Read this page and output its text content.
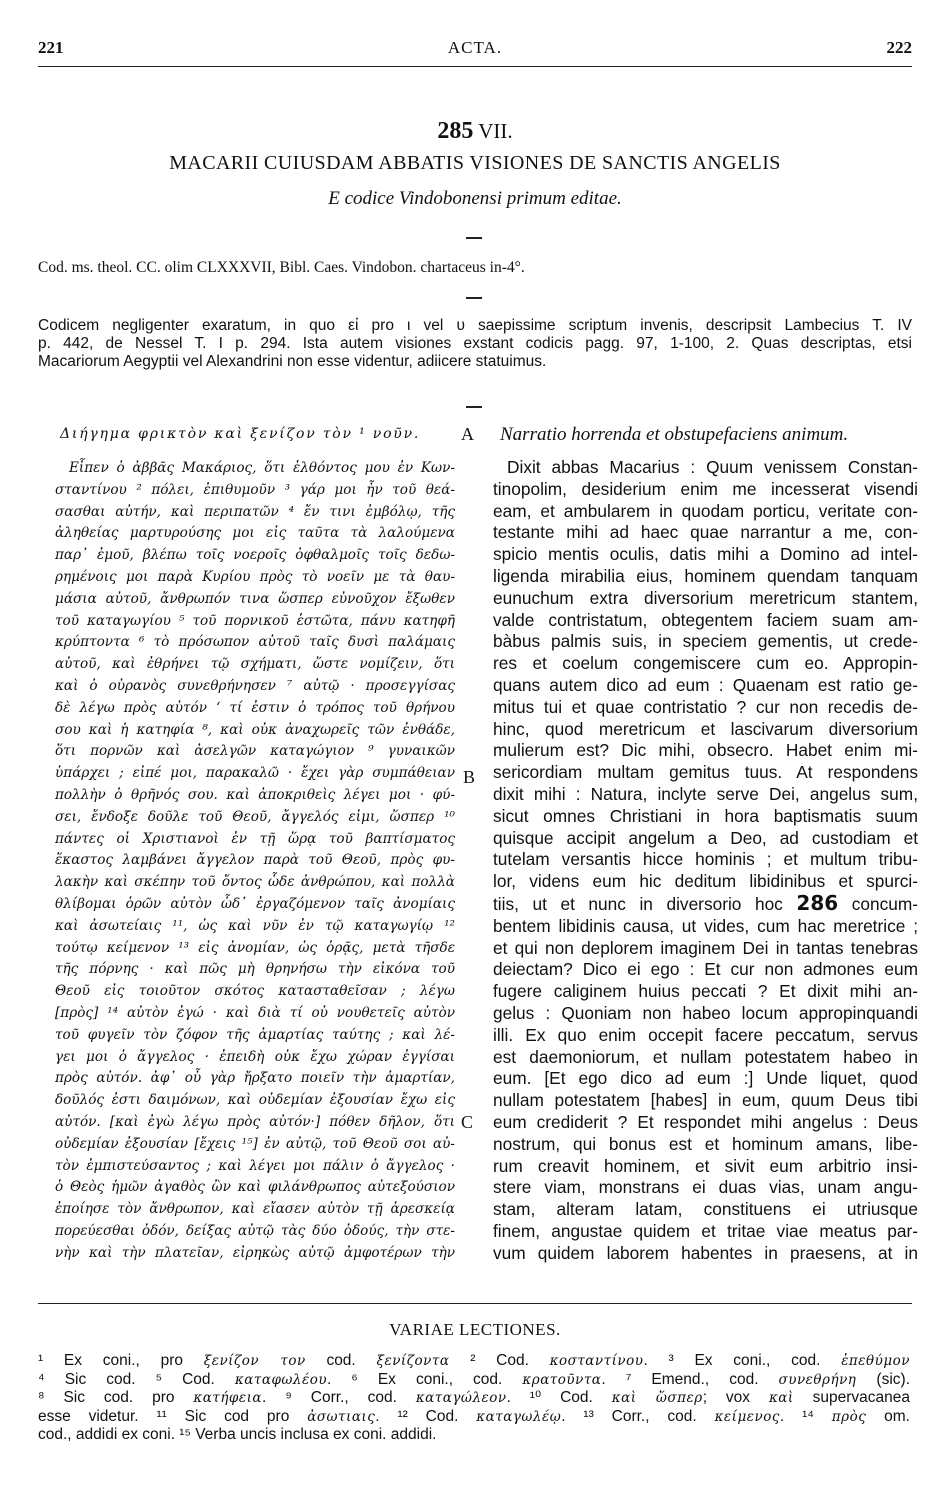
221	ACTA.	222
285 VII.
MACARII CUIUSDAM ABBATIS VISIONES DE SANCTIS ANGELIS
E codice Vindobonensi primum editae.
Cod. ms. theol. CC. olim CLXXXVII, Bibl. Caes. Vindobon. chartaceus in-4°.
Codicem negligenter exaratum, in quo εἰ pro ι vel υ saepissime scriptum invenis, descripsit Lambecius T. IV
p. 442, de Nessel T. I p. 294. Ista autem visiones exstant codicis pagg. 97, 1-100, 2. Quas descriptas, etsi
Macariorum Aegyptii vel Alexandrini non esse videntur, adiicere statuimus.
Διήγημα φρικτὸν καὶ ξενίζον τὸν ¹ νοῦν.	Narratio horrenda et obstupefaciens animum.
A
B
C
Εἶπεν ὁ ἀββᾶς Μακάριος, ὅτι ἐλθόντος μου ἐν Κων-
σταντίνου ² πόλει, ἐπιθυμοῦν ³ γάρ μοι ἦν τοῦ θεά-
σασθαι αὐτήν, καὶ περιπατῶν ⁴ ἔν τινι ἐμβόλῳ, τῆς
ἀληθείας μαρτυρούσης μοι εἰς ταῦτα τὰ λαλούμενα
παρ᾽ ἐμοῦ, βλέπω τοῖς νοεροῖς ὀφθαλμοῖς τοῖς δεδω-
ρημένοις μοι παρὰ Κυρίου πρὸς τὸ νοεῖν με τὰ θαυ-
μάσια αὐτοῦ, ἄνθρωπόν τινα ὥσπερ εὐνοῦχον ἔξωθεν
τοῦ καταγωγίου ⁵ τοῦ πορνικοῦ ἑστῶτα, πάνυ κατηφῆ
κρύπτοντα ⁶ τὸ πρόσωπον αὐτοῦ ταῖς δυσὶ παλάμαις
αὐτοῦ, καὶ ἐθρήνει τῷ σχήματι, ὥστε νομίζειν, ὅτι
καὶ ὁ οὐρανὸς συνεθρήνησεν ⁷ αὐτῷ · προσεγγίσας
δὲ λέγω πρὸς αὐτόν ‘ τί ἐστιν ὁ τρόπος τοῦ θρήνου
σου καὶ ἡ κατηφία ⁸, καὶ οὐκ ἀναχωρεῖς τῶν ἐνθάδε,
ὅτι πορνῶν καὶ ἀσελγῶν καταγώγιον ⁹ γυναικῶν
ὑπάρχει ; εἰπέ μοι, παρακαλῶ · ἔχει γὰρ συμπάθειαν
πολλὴν ὁ θρῆνός σου. καὶ ἀποκριθεὶς λέγει μοι · φύ-
σει, ἔνδοξε δοῦλε τοῦ Θεοῦ, ἄγγελός εἰμι, ὥσπερ ¹⁰
πάντες οἱ Χριστιανοὶ ἐν τῇ ὥρᾳ τοῦ βαπτίσματος
ἕκαστος λαμβάνει ἄγγελον παρὰ τοῦ Θεοῦ, πρὸς φυ-
λακὴν καὶ σκέπην τοῦ ὄντος ὧδε ἀνθρώπου, καὶ πολλὰ
θλίβομαι ὁρῶν αὐτὸν ὧδ᾽ ἐργαζόμενον ταῖς ἀνομίαις
καὶ ἀσωτείαις ¹¹, ὡς καὶ νῦν ἐν τῷ καταγωγίῳ ¹²
τούτῳ κείμενον ¹³ εἰς ἀνομίαν, ὡς ὁρᾷς, μετὰ τῆσδε
τῆς πόρνης · καὶ πῶς μὴ θρηνήσω τὴν εἰκόνα τοῦ
Θεοῦ εἰς τοιοῦτον σκότος κατασταθεῖσαν ; λέγω
[πρὸς] ¹⁴ αὐτὸν ἐγώ · καὶ διὰ τί οὐ νουθετεῖς αὐτὸν
τοῦ φυγεῖν τὸν ζόφον τῆς ἁμαρτίας ταύτης ; καὶ λέ-
γει μοι ὁ ἄγγελος · ἐπειδὴ οὐκ ἔχω χώραν ἐγγίσαι
πρὸς αὐτόν. ἀφ᾽ οὗ γὰρ ἤρξατο ποιεῖν τὴν ἁμαρτίαν,
δοῦλός ἐστι δαιμόνων, καὶ οὐδεμίαν ἐξουσίαν ἔχω εἰς
αὐτόν. [καὶ ἐγὼ λέγω πρὸς αὐτόν·] πόθεν δῆλον, ὅτι
οὐδεμίαν ἐξουσίαν [ἔχεις ¹⁵] ἐν αὐτῷ, τοῦ Θεοῦ σοι αὐ-
τὸν ἐμπιστεύσαντος ; καὶ λέγει μοι πάλιν ὁ ἄγγελος ·
ὁ Θεὸς ἡμῶν ἀγαθὸς ὢν καὶ φιλάνθρωπος αὐτεξούσιον
ἐποίησε τὸν ἄνθρωπον, καὶ εἴασεν αὐτὸν τῇ ἀρεσκείᾳ
πορεύεσθαι ὁδόν, δείξας αὐτῷ τὰς δύο ὁδούς, τὴν στε-
νὴν καὶ τὴν πλατεῖαν, εἰρηκὼς αὐτῷ ἀμφοτέρων τὴν
Dixit abbas Macarius : Quum venissem Constan-
tinopolim, desiderium enim me incesserat visendi
eam, et ambularem in quodam porticu, veritate con-
testante mihi ad haec quae narrantur a me, con-
spicio mentis oculis, datis mihi a Domino ad intel-
ligenda mirabilia eius, hominem quendam tanquam
eunuchum extra diversorium meretricum stantem,
valde contristatum, obtegentem faciem suam am-
bàbus palmis suis, in speciem gementis, ut crede-
res et coelum congemiscere cum eo. Appropin-
quans autem dico ad eum : Quaenam est ratio ge-
mitus tui et quae contristatio ? cur non recedis de-
hinc, quod meretricum et lascivarum diversorium
mulierum est? Dic mihi, obsecro. Habet enim mi-
sericordiam multam gemitus tuus. At respondens
dixit mihi : Natura, inclyte serve Dei, angelus sum,
sicut omnes Christiani in hora baptismatis suum
quisque accipit angelum a Deo, ad custodiam et
tutelam versantis hicce hominis ; et multum tribu-
lor, videns eum hic deditum libidinibus et spurci-
tiis, ut et nunc in diversorio hoc 286 concum-
bentem libidinis causa, ut vides, cum hac meretrice ;
et qui non deplorem imaginem Dei in tantas tenebras
deiectam? Dico ei ego : Et cur non admones eum
fugere caliginem huius peccati ? Et dixit mihi an-
gelus : Quoniam non habeo locum appropinquandi
illi. Ex quo enim occepit facere peccatum, servus
est daemoniorum, et nullam potestatem habeo in
eum. [Et ego dico ad eum :] Unde liquet, quod
nullam potestatem [habes] in eum, quum Deus tibi
eum crediderit ? Et respondet mihi angelus : Deus
nostrum, qui bonus est et hominum amans, libe-
rum creavit hominem, et sivit eum arbitrio insi-
stere viam, monstrans ei duas vias, unam angu-
stam, alteram latam, constituens ei utriusque
finem, angustae quidem et tritae viae meatus par-
vum quidem laborem habentes in praesens, at in
VARIAE LECTIONES.
¹ Ex coni., pro ξενίζον τον cod. ξενίζοντα ² Cod. κοσταντίνου. ³ Ex coni., cod. ἐπεθύμον
⁴ Sic cod. ⁵ Cod. καταφωλέου. ⁶ Ex coni., cod. κρατοῦντα. ⁷ Emend., cod. συνεθρήνη (sic).
⁸ Sic cod. pro κατήφεια. ⁹ Corr., cod. καταγώλεον. ¹⁰ Cod. καὶ ὥσπερ; vox καὶ supervacanea
esse videtur. ¹¹ Sic cod pro ἀσωτιαις. ¹² Cod. καταγωλέῳ. ¹³ Corr., cod. κείμενος. ¹⁴ πρὸς om.
cod., addidi ex coni. ¹⁵ Verba uncis inclusa ex coni. addidi.
